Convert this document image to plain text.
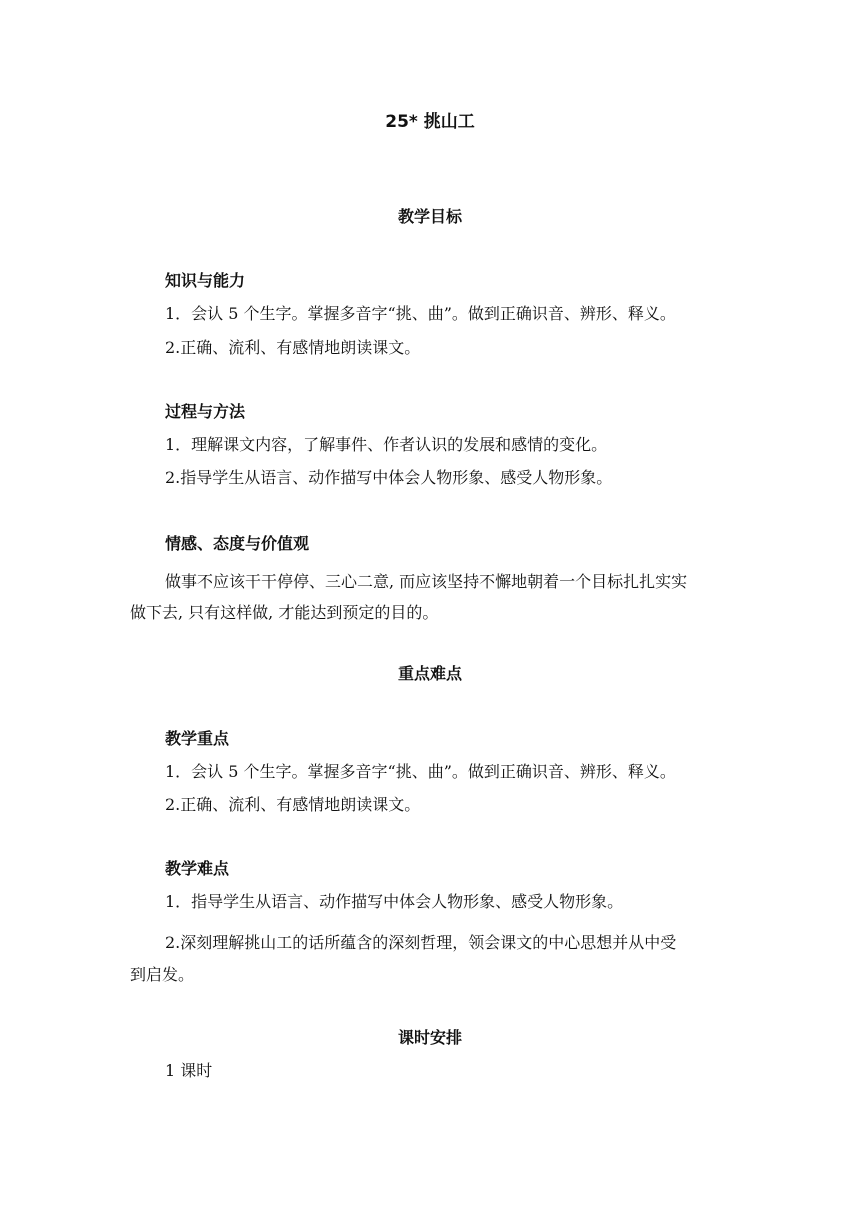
25* 挑山工
教学目标
知识与能力
1．会认 5 个生字。掌握多音字“挑、曲”。做到正确识音、辨形、释义。
2.正确、流利、有感情地朗读课文。
过程与方法
1．理解课文内容，了解事件、作者认识的发展和感情的变化。
2.指导学生从语言、动作描写中体会人物形象、感受人物形象。
情感、态度与价值观
做事不应该干干停停、三心二意, 而应该坚持不懈地朝着一个目标扎扎实实
做下去, 只有这样做, 才能达到预定的目的。
重点难点
教学重点
1．会认 5 个生字。掌握多音字“挑、曲”。做到正确识音、辨形、释义。
2.正确、流利、有感情地朗读课文。
教学难点
1．指导学生从语言、动作描写中体会人物形象、感受人物形象。
2.深刻理解挑山工的话所蕴含的深刻哲理，领会课文的中心思想并从中受
到启发。
课时安排
1 课时
